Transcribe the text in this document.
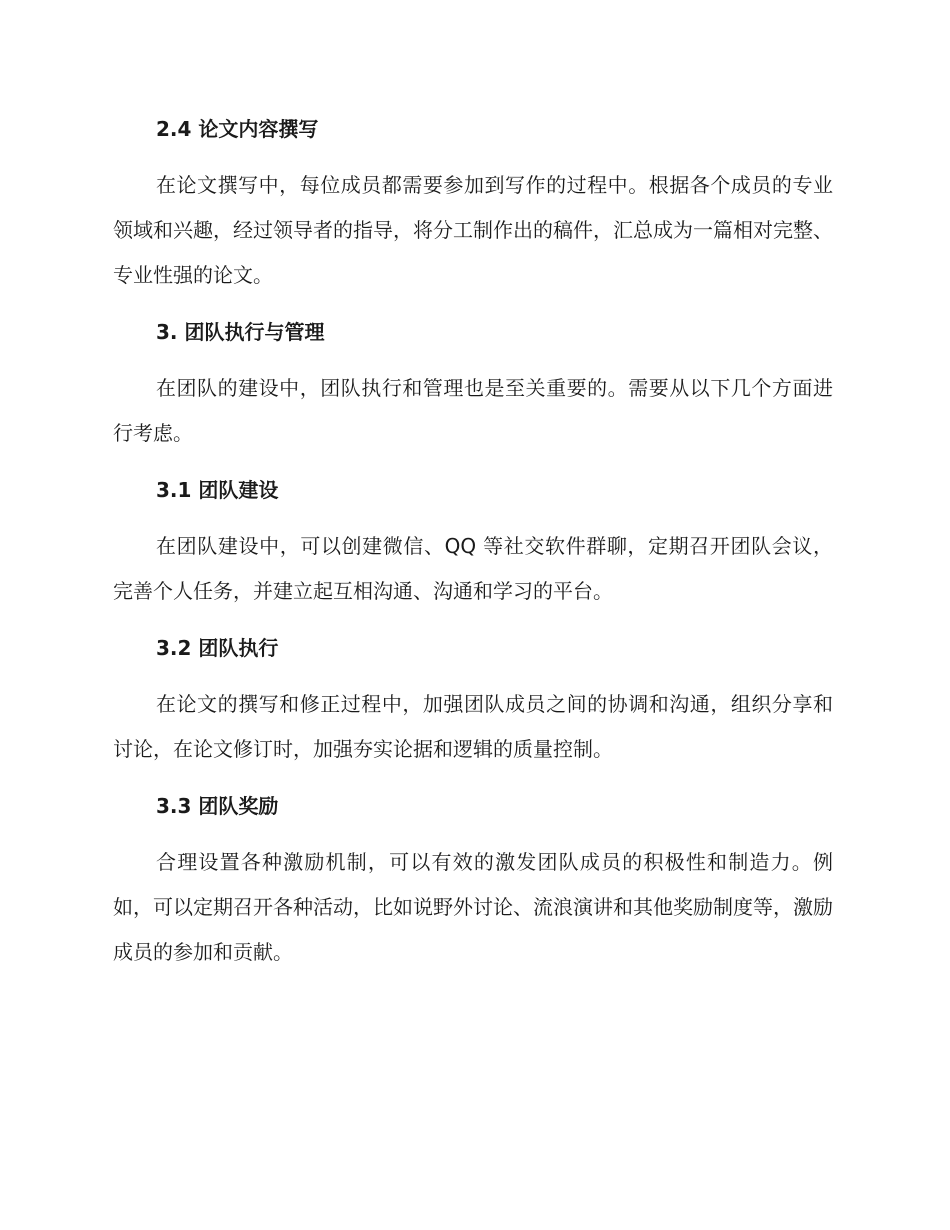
2.4 论文内容撰写
在论文撰写中，每位成员都需要参加到写作的过程中。根据各个成员的专业领域和兴趣，经过领导者的指导，将分工制作出的稿件，汇总成为一篇相对完整、专业性强的论文。
3. 团队执行与管理
在团队的建设中，团队执行和管理也是至关重要的。需要从以下几个方面进行考虑。
3.1 团队建设
在团队建设中，可以创建微信、QQ 等社交软件群聊，定期召开团队会议，完善个人任务，并建立起互相沟通、沟通和学习的平台。
3.2 团队执行
在论文的撰写和修正过程中，加强团队成员之间的协调和沟通，组织分享和讨论，在论文修订时，加强夯实论据和逻辑的质量控制。
3.3 团队奖励
合理设置各种激励机制，可以有效的激发团队成员的积极性和制造力。例如，可以定期召开各种活动，比如说野外讨论、流浪演讲和其他奖励制度等，激励成员的参加和贡献。
